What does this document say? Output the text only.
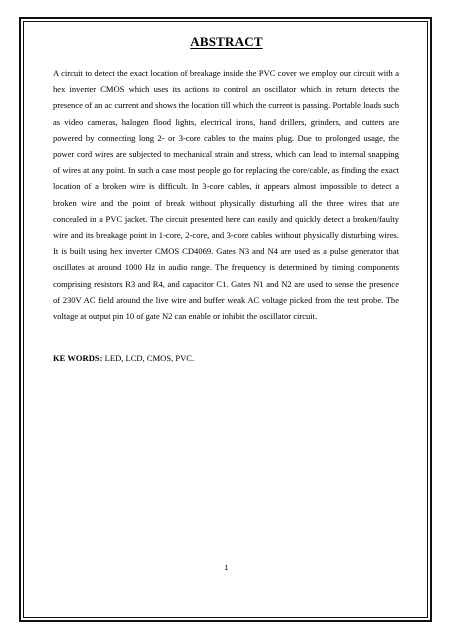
ABSTRACT

A circuit to detect the exact location of breakage inside the PVC cover we employ our circuit with a hex inverter CMOS which uses its actions to control an oscillator which in return detects the presence of an ac current and shows the location till which the current is passing. Portable loads such as video cameras, halogen flood lights, electrical irons, hand drillers, grinders, and cutters are powered by connecting long 2- or 3-core cables to the mains plug. Due to prolonged usage, the power cord wires are subjected to mechanical strain and stress, which can lead to internal snapping of wires at any point. In such a case most people go for replacing the core/cable, as finding the exact location of a broken wire is difficult. In 3-core cables, it appears almost impossible to detect a broken wire and the point of break without physically disturbing all the three wires that are concealed in a PVC jacket. The circuit presented here can easily and quickly detect a broken/faulty wire and its breakage point in 1-core, 2-core, and 3-core cables without physically disturbing wires. It is built using hex inverter CMOS CD4069. Gates N3 and N4 are used as a pulse generator that oscillates at around 1000 Hz in audio range. The frequency is determined by timing components comprising resistors R3 and R4, and capacitor C1. Gates N1 and N2 are used to sense the presence of 230V AC field around the live wire and buffer weak AC voltage picked from the test probe. The voltage at output pin 10 of gate N2 can enable or inhibit the oscillator circuit.

KE WORDS: LED, LCD, CMOS, PVC.

1
